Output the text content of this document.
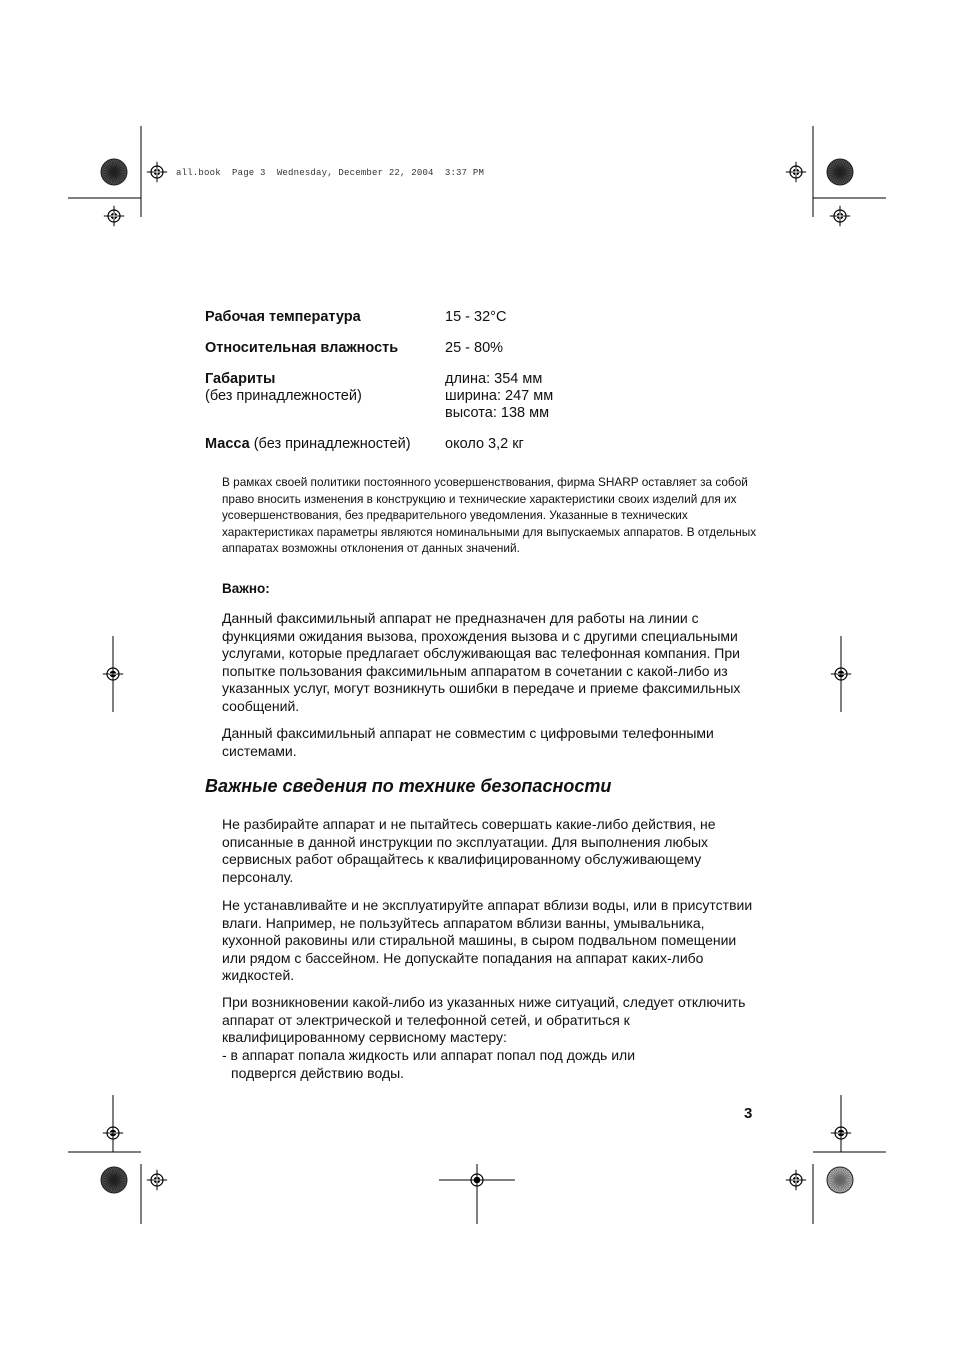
all.book  Page 3  Wednesday, December 22, 2004  3:37 PM
Рабочая температура	15 - 32°C
Относительная влажность	25 - 80%
Габариты
(без принадлежностей)
длина: 354 мм
ширина: 247 мм
высота: 138 мм
Масса (без принадлежностей) около 3,2 кг
В рамках своей политики постоянного усовершенствования, фирма SHARP оставляет за собой право вносить изменения в конструкцию и технические характеристики своих изделий для их усовершенствования, без предварительного уведомления. Указанные в технических характеристиках параметры являются номинальными для выпускаемых аппаратов. В отдельных аппаратах возможны отклонения от данных значений.
Важно:
Данный факсимильный аппарат не предназначен для работы на линии с функциями ожидания вызова, прохождения вызова и с другими специальными услугами, которые предлагает обслуживающая вас телефонная компания. При попытке пользования факсимильным аппаратом в сочетании с какой-либо из указанных услуг, могут возникнуть ошибки в передаче и приеме факсимильных сообщений.
Данный факсимильный аппарат не совместим с цифровыми телефонными системами.
Важные сведения по технике безопасности
Не разбирайте аппарат и не пытайтесь совершать какие-либо действия, не описанные в данной инструкции по эксплуатации. Для выполнения любых сервисных работ обращайтесь к квалифицированному обслуживающему персоналу.
Не устанавливайте и не эксплуатируйте аппарат вблизи воды, или в присутствии влаги. Например, не пользуйтесь аппаратом вблизи ванны, умывальника, кухонной раковины или стиральной машины, в сыром подвальном помещении или рядом с бассейном. Не допускайте попадания на аппарат каких-либо жидкостей.
При возникновении какой-либо из указанных ниже ситуаций, следует отключить аппарат от электрической и телефонной сетей, и обратиться к квалифицированному сервисному мастеру:
- в аппарат попала жидкость или аппарат попал под дождь или
подвергся действию воды.
3
